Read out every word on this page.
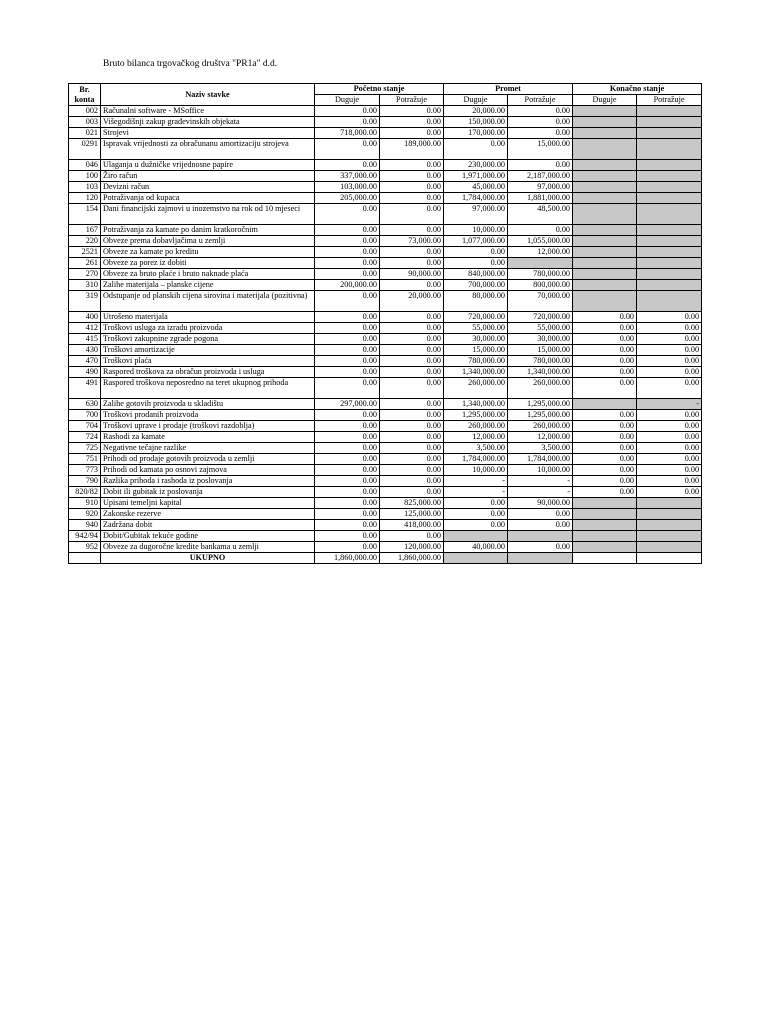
Bruto bilanca trgovačkog društva "PR1a" d.d.
Br. konta	Naziv stavke	Početno stanje		Promet		Konačno stanje	
		Duguje	Potražuje	Duguje	Potražuje	Duguje	Potražuje
002	Računalni software - MSoffice	0.00	0.00	20,000.00	0.00		
003	Višegodišnji zakup građevinskih objekata	0.00	0.00	150,000.00	0.00		
021	Strojevi	718,000.00	0.00	170,000.00	0.00		
0291	Ispravak vrijednosti za obračunanu amortizaciju strojeva	0.00	189,000.00	0.00	15,000.00		
046	Ulaganja u dužničke vrijednosne papire	0.00	0.00	230,000.00	0.00		
100	Žiro račun	337,000.00	0.00	1,971,000.00	2,187,000.00		
103	Devizni račun	103,000.00	0.00	45,000.00	97,000.00		
120	Potraživanja od kupaca	205,000.00	0.00	1,784,000.00	1,881,000.00		
154	Dani financijski zajmovi u inozemstvo na rok od 10 mjeseci	0.00	0.00	97,000.00	48,500.00		
167	Potraživanja za kamate po danim kratkoročnim	0.00	0.00	10,000.00	0.00		
220	Obveze prema dobavljačima u zemlji	0.00	73,000.00	1,077,000.00	1,055,000.00		
2521	Obveze za kamate po kreditu	0.00	0.00	0.00	12,000.00		
261	Obveze za porez iz dobiti	0.00	0.00	0.00			
270	Obveze za bruto plaće i bruto naknade plaća	0.00	90,000.00	840,000.00	780,000.00		
310	Zalihe materijala – planske cijene	200,000.00	0.00	700,000.00	800,000.00		
319	Odstupanje od planskih cijena sirovina i materijala (pozitivna)	0.00	20,000.00	80,000.00	70,000.00		
400	Utrošeno materijala	0.00	0.00	720,000.00	720,000.00	0.00	0.00
412	Troškovi usluga za izradu proizvoda	0.00	0.00	55,000.00	55,000.00	0.00	0.00
415	Troškovi zakupnine zgrade pogona	0.00	0.00	30,000.00	30,000.00	0.00	0.00
430	Troškovi amortizacije	0.00	0.00	15,000.00	15,000.00	0.00	0.00
470	Troškovi plaća	0.00	0.00	780,000.00	780,000.00	0.00	0.00
490	Raspored troškova za obračun proizvoda i usluga	0.00	0.00	1,340,000.00	1,340,000.00	0.00	0.00
491	Raspored troškova neposredno na teret ukupnog prihoda	0.00	0.00	260,000.00	260,000.00	0.00	0.00
630	Zalihe gotovih proizvoda u skladištu	297,000.00	0.00	1,340,000.00	1,295,000.00		-
700	Troškovi prodanih proizvoda	0.00	0.00	1,295,000.00	1,295,000.00	0.00	0.00
704	Troškovi uprave i prodaje (troškovi razdoblja)	0.00	0.00	260,000.00	260,000.00	0.00	0.00
724	Rashodi za kamate	0.00	0.00	12,000.00	12,000.00	0.00	0.00
725	Negativne tečajne razlike	0.00	0.00	3,500.00	3,500.00	0.00	0.00
751	Prihodi od prodaje gotovih proizvoda u zemlji	0.00	0.00	1,784,000.00	1,784,000.00	0.00	0.00
773	Prihodi od kamata po osnovi zajmova	0.00	0.00	10,000.00	10,000.00	0.00	0.00
790	Razlika prihoda i rashoda iz poslovanja	0.00	0.00	-	-	0.00	0.00
820/82	Dobit ili gubitak iz poslovanja	0.00	0.00	-	-	0.00	0.00
910	Upisani temeljni kapital	0.00	825,000.00	0.00	90,000.00		
920	Zakonske rezerve	0.00	125,000.00	0.00	0.00		
940	Zadržana dobit	0.00	418,000.00	0.00	0.00		
942/94	Dobit/Gubitak tekuće godine	0.00	0.00				
952	Obveze za dugoročne kredite bankama u zemlji	0.00	120,000.00	40,000.00	0.00		
	UKUPNO	1,860,000.00	1,860,000.00				
